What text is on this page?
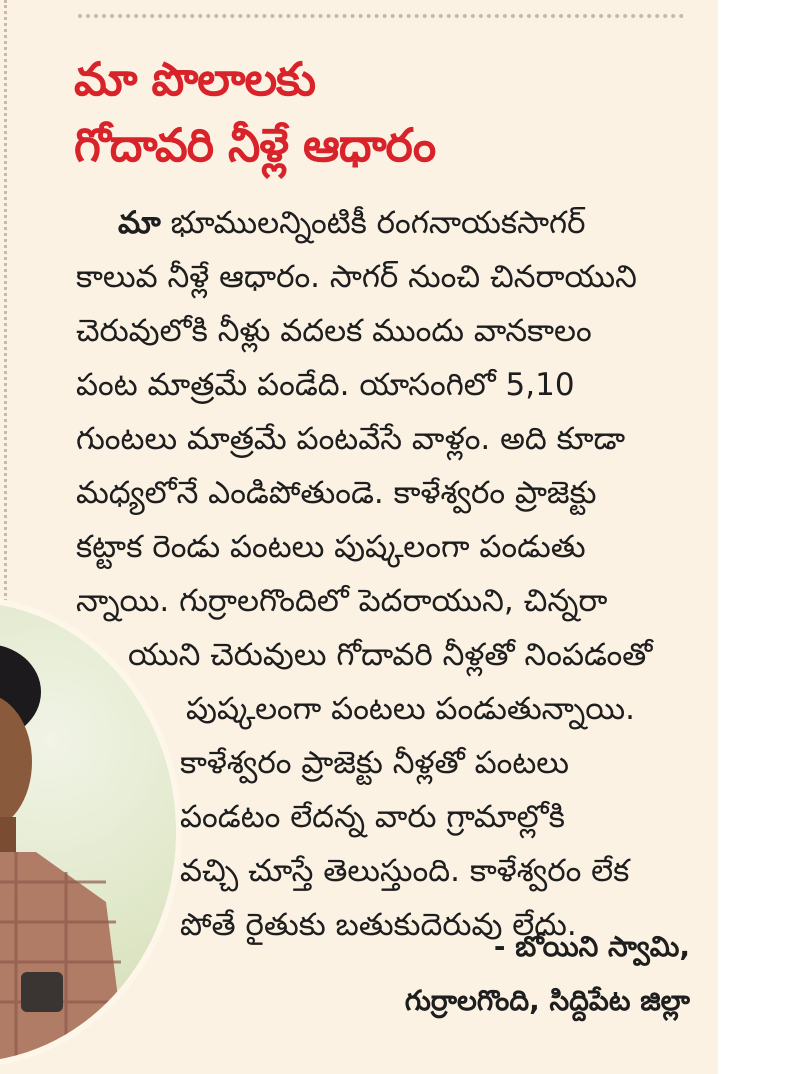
మా పొలాలకు
గోదావరి నీళ్లే ఆధారం
మా భూములన్నింటికీ రంగనాయకసాగర్
కాలువ నీళ్లే ఆధారం. సాగర్ నుంచి చినరాయుని
చెరువులోకి నీళ్లు వదలక ముందు వానకాలం
పంట మాత్రమే పండేది. యాసంగిలో 5,10
గుంటలు మాత్రమే పంటవేసే వాళ్లం. అది కూడా
మధ్యలోనే ఎండిపోతుండె. కాళేశ్వరం ప్రాజెక్టు
కట్టాక రెండు పంటలు పుష్కలంగా పండుతు
న్నాయి. గుర్రాలగొందిలో పెదరాయుని, చిన్నరా
యుని చెరువులు గోదావరి నీళ్లతో నింపడంతో
పుష్కలంగా పంటలు పండుతున్నాయి.
కాళేశ్వరం ప్రాజెక్టు నీళ్లతో పంటలు
పండటం లేదన్న వారు గ్రామాల్లోకి
వచ్చి చూస్తే తెలుస్తుంది. కాళేశ్వరం లేక
పోతే రైతుకు బతుకుదెరువు లేదు.
- బోయిని స్వామి,
గుర్రాలగొంది, సిద్దిపేట జిల్లా
